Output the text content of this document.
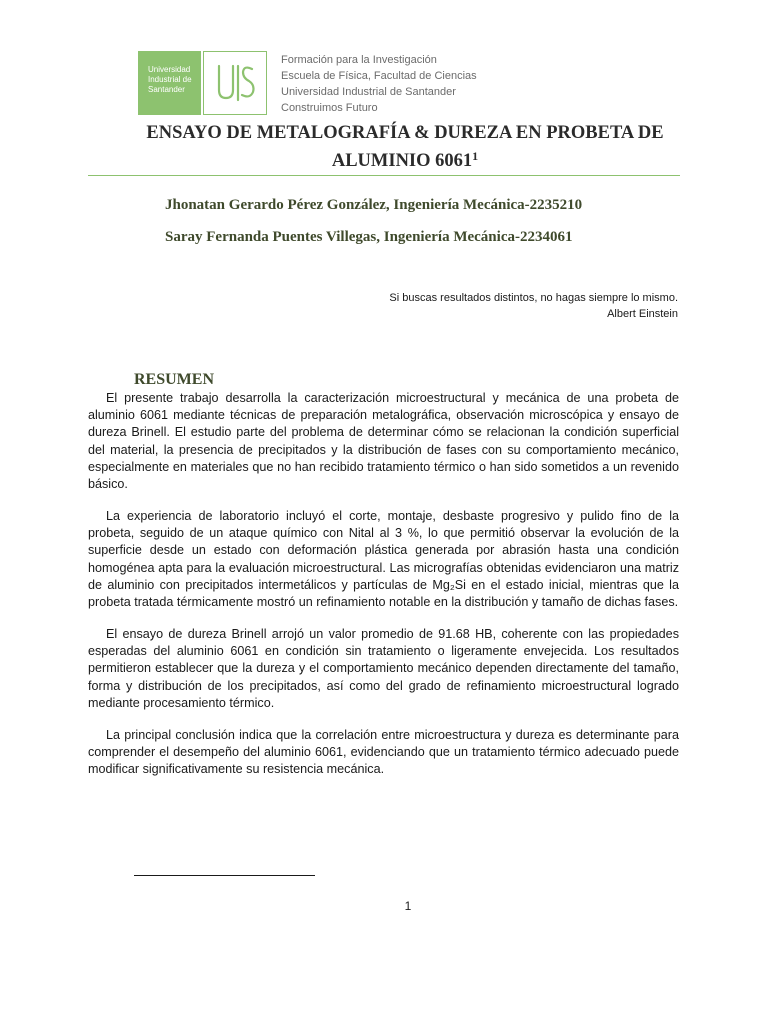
Universidad
Industrial de
Santander
Formación para la Investigación
Escuela de Física, Facultad de Ciencias
Universidad Industrial de Santander
Construimos Futuro
ENSAYO DE METALOGRAFÍA & DUREZA EN PROBETA DE
ALUMINIO 6061$^1$
Jhonatan Gerardo Pérez González, Ingeniería Mecánica-2235210
Saray Fernanda Puentes Villegas, Ingeniería Mecánica-2234061
Si buscas resultados distintos, no hagas siempre lo mismo.
Albert Einstein
RESUMEN

El presente trabajo desarrolla la caracterización microestructural y mecánica de una probeta de aluminio 6061 mediante técnicas de preparación metalográfica, observación microscópica y ensayo de dureza Brinell. El estudio parte del problema de determinar cómo se relacionan la condición superficial del material, la presencia de precipitados y la distribución de fases con su comportamiento mecánico, especialmente en materiales que no han recibido tratamiento térmico o han sido sometidos a un revenido básico.

La experiencia de laboratorio incluyó el corte, montaje, desbaste progresivo y pulido fino de la probeta, seguido de un ataque químico con Nital al 3 %, lo que permitió observar la evolución de la superficie desde un estado con deformación plástica generada por abrasión hasta una condición homogénea apta para la evaluación microestructural. Las micrografías obtenidas evidenciaron una matriz de aluminio con precipitados intermetálicos y partículas de Mg₂Si en el estado inicial, mientras que la probeta tratada térmicamente mostró un refinamiento notable en la distribución y tamaño de dichas fases.

El ensayo de dureza Brinell arrojó un valor promedio de 91.68 HB, coherente con las propiedades esperadas del aluminio 6061 en condición sin tratamiento o ligeramente envejecida. Los resultados permitieron establecer que la dureza y el comportamiento mecánico dependen directamente del tamaño, forma y distribución de los precipitados, así como del grado de refinamiento microestructural logrado mediante procesamiento térmico.

La principal conclusión indica que la correlación entre microestructura y dureza es determinante para comprender el desempeño del aluminio 6061, evidenciando que un tratamiento térmico adecuado puede modificar significativamente su resistencia mecánica.

1
